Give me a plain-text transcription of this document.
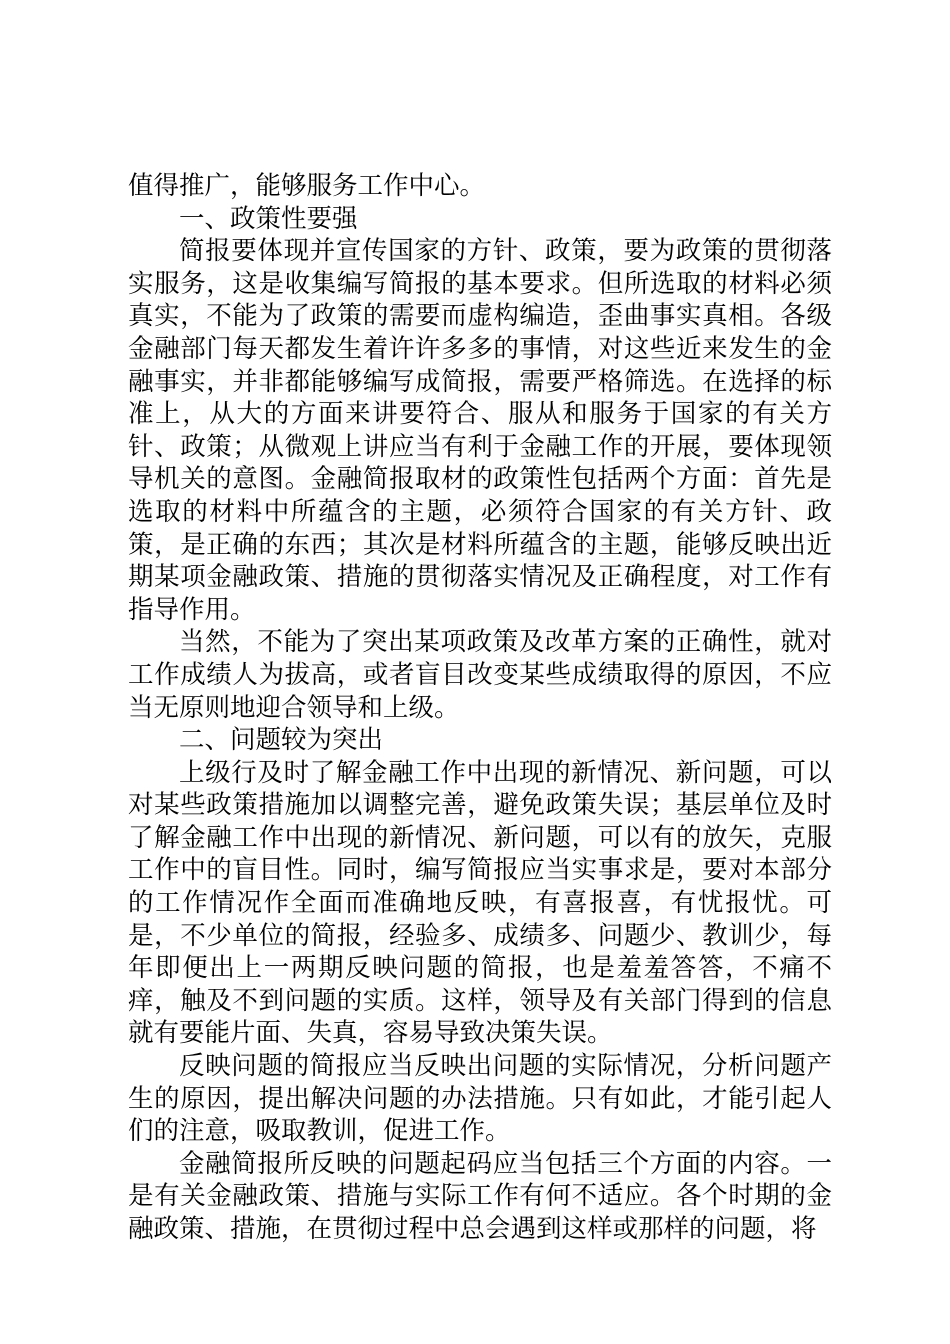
值得推广，能够服务工作中心。

一、政策性要强

简报要体现并宣传国家的方针、政策，要为政策的贯彻落实服务，这是收集编写简报的基本要求。但所选取的材料必须真实，不能为了政策的需要而虚构编造，歪曲事实真相。各级金融部门每天都发生着许许多多的事情，对这些近来发生的金融事实，并非都能够编写成简报，需要严格筛选。在选择的标准上，从大的方面来讲要符合、服从和服务于国家的有关方针、政策；从微观上讲应当有利于金融工作的开展，要体现领导机关的意图。金融简报取材的政策性包括两个方面：首先是选取的材料中所蕴含的主题，必须符合国家的有关方针、政策，是正确的东西；其次是材料所蕴含的主题，能够反映出近期某项金融政策、措施的贯彻落实情况及正确程度，对工作有指导作用。

当然，不能为了突出某项政策及改革方案的正确性，就对工作成绩人为拔高，或者盲目改变某些成绩取得的原因，不应当无原则地迎合领导和上级。

二、问题较为突出

上级行及时了解金融工作中出现的新情况、新问题，可以对某些政策措施加以调整完善，避免政策失误；基层单位及时了解金融工作中出现的新情况、新问题，可以有的放矢，克服工作中的盲目性。同时，编写简报应当实事求是，要对本部分的工作情况作全面而准确地反映，有喜报喜，有忧报忧。可是，不少单位的简报，经验多、成绩多、问题少、教训少，每年即便出上一两期反映问题的简报，也是羞羞答答，不痛不痒，触及不到问题的实质。这样，领导及有关部门得到的信息就有要能片面、失真，容易导致决策失误。

反映问题的简报应当反映出问题的实际情况，分析问题产生的原因，提出解决问题的办法措施。只有如此，才能引起人们的注意，吸取教训，促进工作。

金融简报所反映的问题起码应当包括三个方面的内容。一是有关金融政策、措施与实际工作有何不适应。各个时期的金融政策、措施，在贯彻过程中总会遇到这样或那样的问题，将
